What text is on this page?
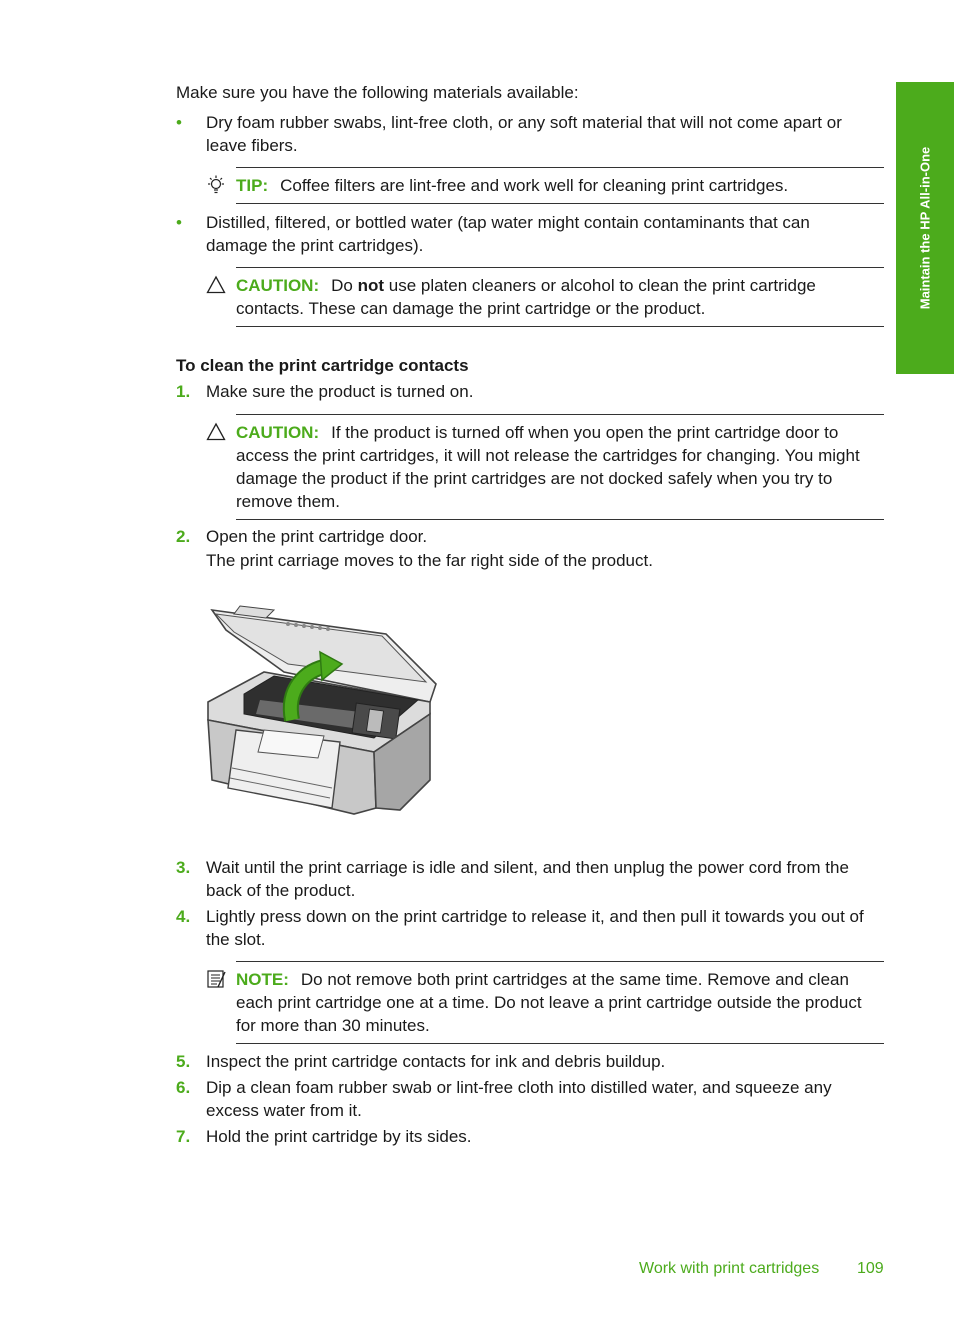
Maintain the HP All-in-One
Make sure you have the following materials available:
• Dry foam rubber swabs, lint-free cloth, or any soft material that will not come apart or leave fibers.
TIP: Coffee filters are lint-free and work well for cleaning print cartridges.
• Distilled, filtered, or bottled water (tap water might contain contaminants that can damage the print cartridges).
CAUTION: Do not use platen cleaners or alcohol to clean the print cartridge contacts. These can damage the print cartridge or the product.
To clean the print cartridge contacts
1. Make sure the product is turned on.
CAUTION: If the product is turned off when you open the print cartridge door to access the print cartridges, it will not release the cartridges for changing. You might damage the product if the print cartridges are not docked safely when you try to remove them.
2. Open the print cartridge door.
The print carriage moves to the far right side of the product.
3. Wait until the print carriage is idle and silent, and then unplug the power cord from the back of the product.
4. Lightly press down on the print cartridge to release it, and then pull it towards you out of the slot.
NOTE: Do not remove both print cartridges at the same time. Remove and clean each print cartridge one at a time. Do not leave a print cartridge outside the product for more than 30 minutes.
5. Inspect the print cartridge contacts for ink and debris buildup.
6. Dip a clean foam rubber swab or lint-free cloth into distilled water, and squeeze any excess water from it.
7. Hold the print cartridge by its sides.
Work with print cartridges 109
